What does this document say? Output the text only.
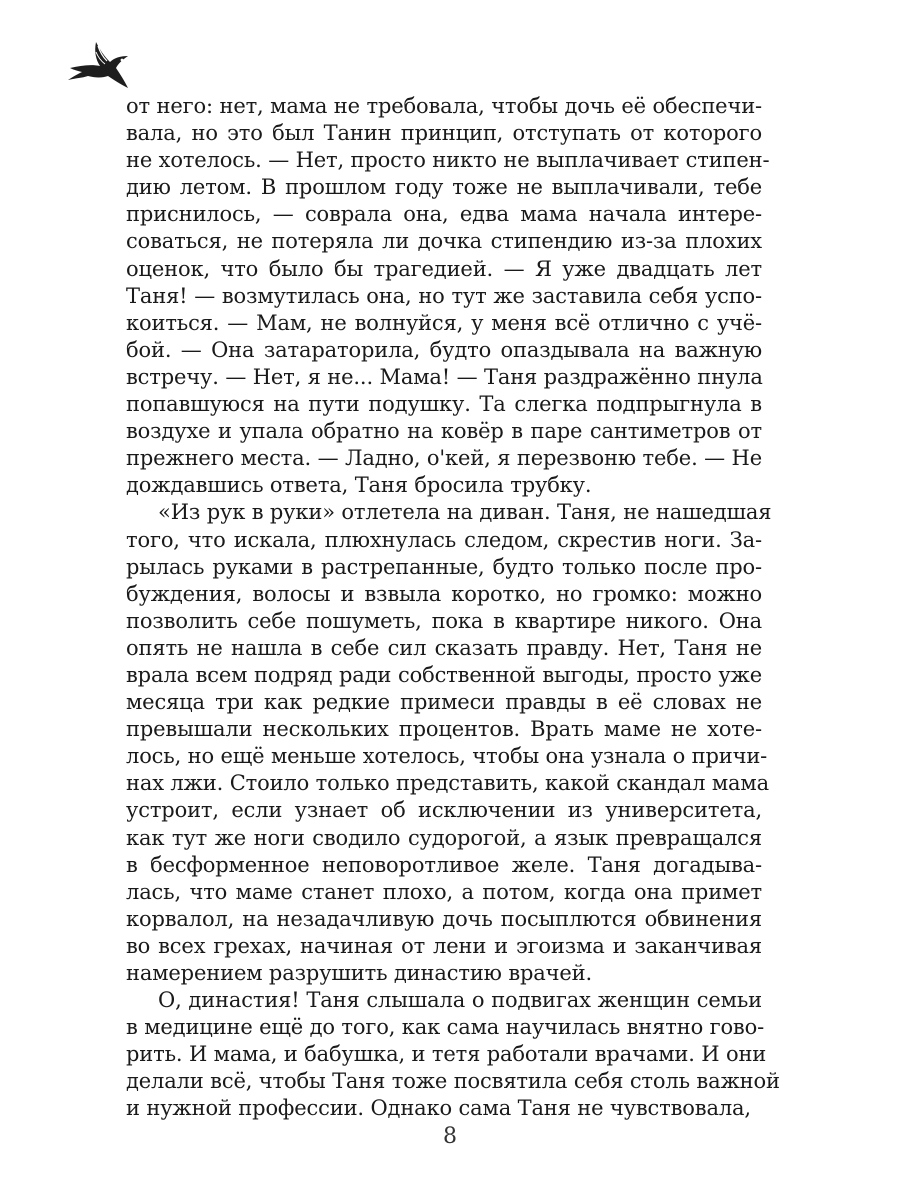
от него: нет, мама не требовала, чтобы дочь её обеспечи-
вала, но это был Танин принцип, отступать от которого
не хотелось. — Нет, просто никто не выплачивает стипен-
дию летом. В прошлом году тоже не выплачивали, тебе
приснилось, — соврала она, едва мама начала интере-
соваться, не потеряла ли дочка стипендию из-за плохих
оценок, что было бы трагедией. — Я уже двадцать лет
Таня! — возмутилась она, но тут же заставила себя успо-
коиться. — Мам, не волнуйся, у меня всё отлично с учё-
бой. — Она затараторила, будто опаздывала на важную
встречу. — Нет, я не... Мама! — Таня раздражённо пнула
попавшуюся на пути подушку. Та слегка подпрыгнула в
воздухе и упала обратно на ковёр в паре сантиметров от
прежнего места. — Ладно, о'кей, я перезвоню тебе. — Не
дождавшись ответа, Таня бросила трубку.
«Из рук в руки» отлетела на диван. Таня, не нашедшая
того, что искала, плюхнулась следом, скрестив ноги. За-
рылась руками в растрепанные, будто только после про-
буждения, волосы и взвыла коротко, но громко: можно
позволить себе пошуметь, пока в квартире никого. Она
опять не нашла в себе сил сказать правду. Нет, Таня не
врала всем подряд ради собственной выгоды, просто уже
месяца три как редкие примеси правды в её словах не
превышали нескольких процентов. Врать маме не хоте-
лось, но ещё меньше хотелось, чтобы она узнала о причи-
нах лжи. Стоило только представить, какой скандал мама
устроит, если узнает об исключении из университета,
как тут же ноги сводило судорогой, а язык превращался
в бесформенное неповоротливое желе. Таня догадыва-
лась, что маме станет плохо, а потом, когда она примет
корвалол, на незадачливую дочь посыплются обвинения
во всех грехах, начиная от лени и эгоизма и заканчивая
намерением разрушить династию врачей.
О, династия! Таня слышала о подвигах женщин семьи
в медицине ещё до того, как сама научилась внятно гово-
рить. И мама, и бабушка, и тетя работали врачами. И они
делали всё, чтобы Таня тоже посвятила себя столь важной
и нужной профессии. Однако сама Таня не чувствовала,
8
